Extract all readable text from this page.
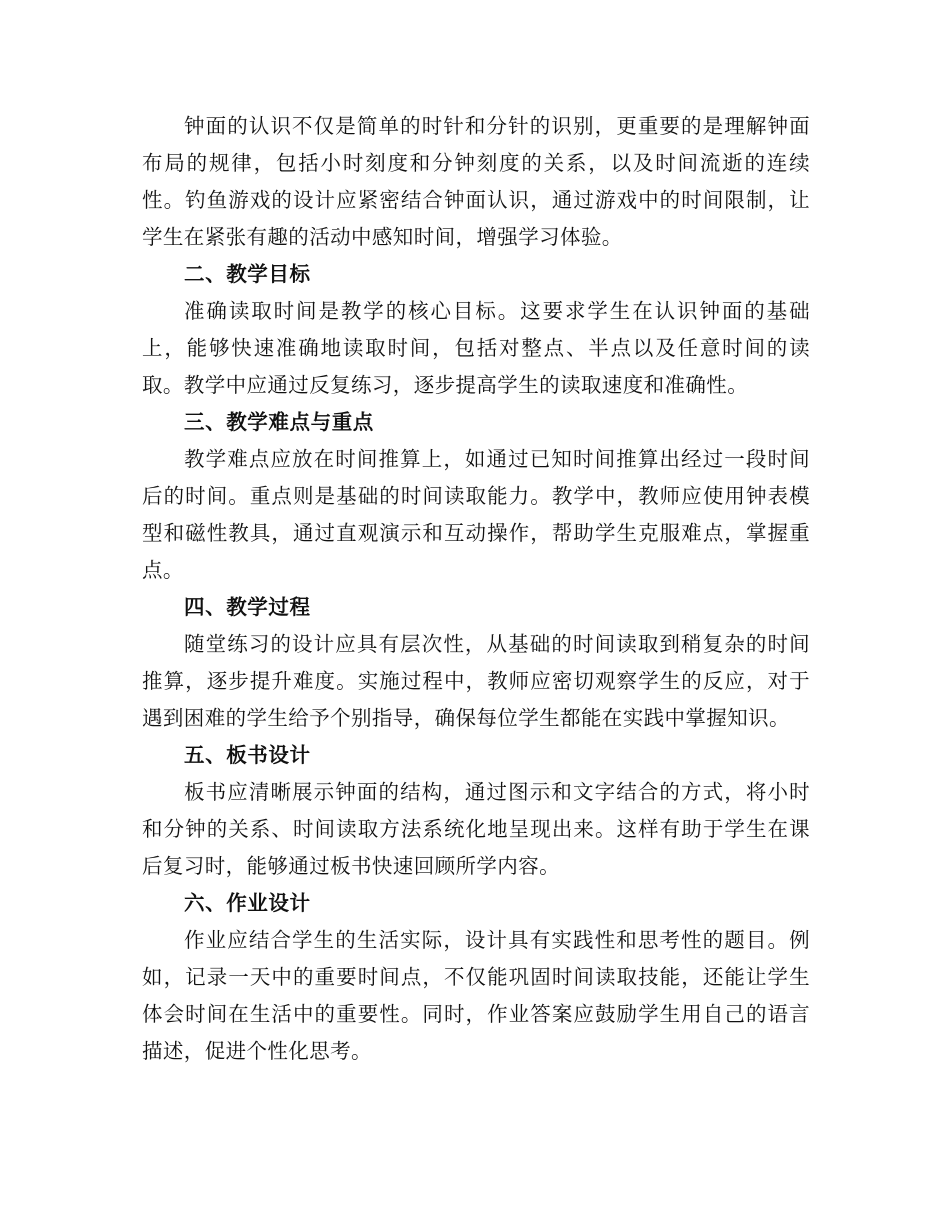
钟面的认识不仅是简单的时针和分针的识别，更重要的是理解钟面布局的规律，包括小时刻度和分钟刻度的关系，以及时间流逝的连续性。钓鱼游戏的设计应紧密结合钟面认识，通过游戏中的时间限制，让学生在紧张有趣的活动中感知时间，增强学习体验。

二、教学目标

准确读取时间是教学的核心目标。这要求学生在认识钟面的基础上，能够快速准确地读取时间，包括对整点、半点以及任意时间的读取。教学中应通过反复练习，逐步提高学生的读取速度和准确性。

三、教学难点与重点

教学难点应放在时间推算上，如通过已知时间推算出经过一段时间后的时间。重点则是基础的时间读取能力。教学中，教师应使用钟表模型和磁性教具，通过直观演示和互动操作，帮助学生克服难点，掌握重点。

四、教学过程

随堂练习的设计应具有层次性，从基础的时间读取到稍复杂的时间推算，逐步提升难度。实施过程中，教师应密切观察学生的反应，对于遇到困难的学生给予个别指导，确保每位学生都能在实践中掌握知识。

五、板书设计

板书应清晰展示钟面的结构，通过图示和文字结合的方式，将小时和分钟的关系、时间读取方法系统化地呈现出来。这样有助于学生在课后复习时，能够通过板书快速回顾所学内容。

六、作业设计

作业应结合学生的生活实际，设计具有实践性和思考性的题目。例如，记录一天中的重要时间点，不仅能巩固时间读取技能，还能让学生体会时间在生活中的重要性。同时，作业答案应鼓励学生用自己的语言描述，促进个性化思考。
